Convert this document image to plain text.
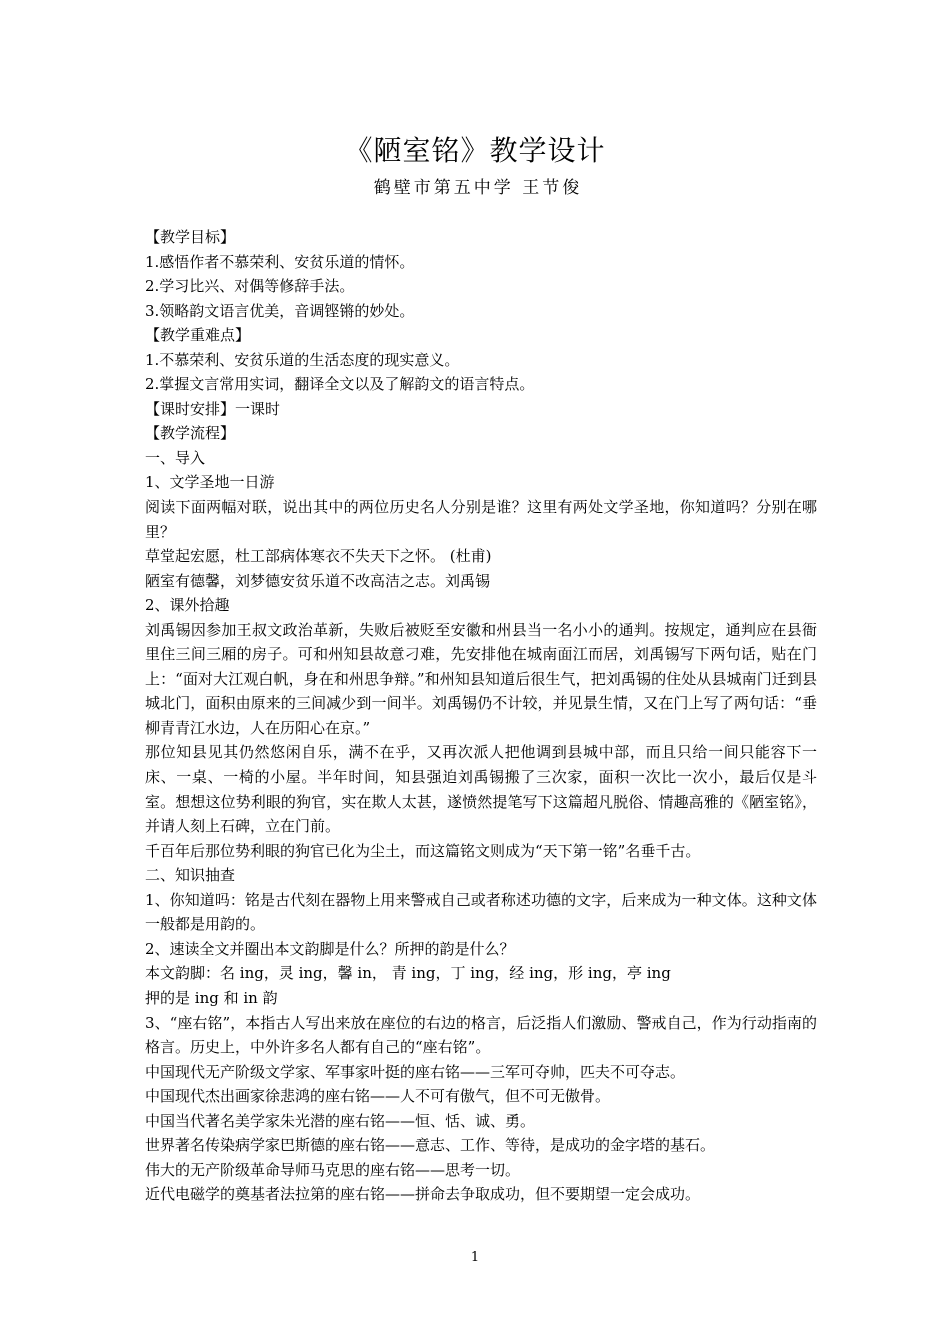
《陋室铭》教学设计
鹤壁市第五中学 王节俊
【教学目标】
1.感悟作者不慕荣利、安贫乐道的情怀。
2.学习比兴、对偶等修辞手法。
3.领略韵文语言优美，音调铿锵的妙处。
【教学重难点】
1.不慕荣利、安贫乐道的生活态度的现实意义。
2.掌握文言常用实词，翻译全文以及了解韵文的语言特点。
【课时安排】一课时
【教学流程】
一、导入
1、文学圣地一日游
阅读下面两幅对联，说出其中的两位历史名人分别是谁？这里有两处文学圣地，你知道吗？分别在哪里？
草堂起宏愿，杜工部病体寒衣不失天下之怀。 (杜甫)
陋室有德馨，刘梦德安贫乐道不改高洁之志。刘禹锡
2、课外拾趣
刘禹锡因参加王叔文政治革新，失败后被贬至安徽和州县当一名小小的通判。按规定，通判应在县衙里住三间三厢的房子。可和州知县故意刁难，先安排他在城南面江而居，刘禹锡写下两句话，贴在门上：“面对大江观白帆，身在和州思争辩。”和州知县知道后很生气，把刘禹锡的住处从县城南门迁到县城北门，面积由原来的三间减少到一间半。刘禹锡仍不计较，并见景生情，又在门上写了两句话：“垂柳青青江水边，人在历阳心在京。”
那位知县见其仍然悠闲自乐，满不在乎，又再次派人把他调到县城中部，而且只给一间只能容下一床、一桌、一椅的小屋。半年时间，知县强迫刘禹锡搬了三次家，面积一次比一次小，最后仅是斗室。想想这位势利眼的狗官，实在欺人太甚，遂愤然提笔写下这篇超凡脱俗、情趣高雅的《陋室铭》， 并请人刻上石碑，立在门前。
千百年后那位势利眼的狗官已化为尘土，而这篇铭文则成为“天下第一铭”名垂千古。
二、知识抽查
1、你知道吗：铭是古代刻在器物上用来警戒自己或者称述功德的文字，后来成为一种文体。这种文体一般都是用韵的。
2、速读全文并圈出本文韵脚是什么？所押的韵是什么？
本文韵脚：名 ing，灵 ing，馨 in， 青 ing，丁 ing，经 ing，形 ing，亭 ing
押的是 ing 和 in 韵
3、“座右铭”，本指古人写出来放在座位的右边的格言，后泛指人们激励、警戒自己，作为行动指南的格言。历史上，中外许多名人都有自己的“座右铭”。
中国现代无产阶级文学家、军事家叶挺的座右铭——三军可夺帅，匹夫不可夺志。
中国现代杰出画家徐悲鸿的座右铭——人不可有傲气，但不可无傲骨。
中国当代著名美学家朱光潜的座右铭——恒、恬、诚、勇。
世界著名传染病学家巴斯德的座右铭——意志、工作、等待，是成功的金字塔的基石。
伟大的无产阶级革命导师马克思的座右铭——思考一切。
近代电磁学的奠基者法拉第的座右铭——拼命去争取成功，但不要期望一定会成功。
1
